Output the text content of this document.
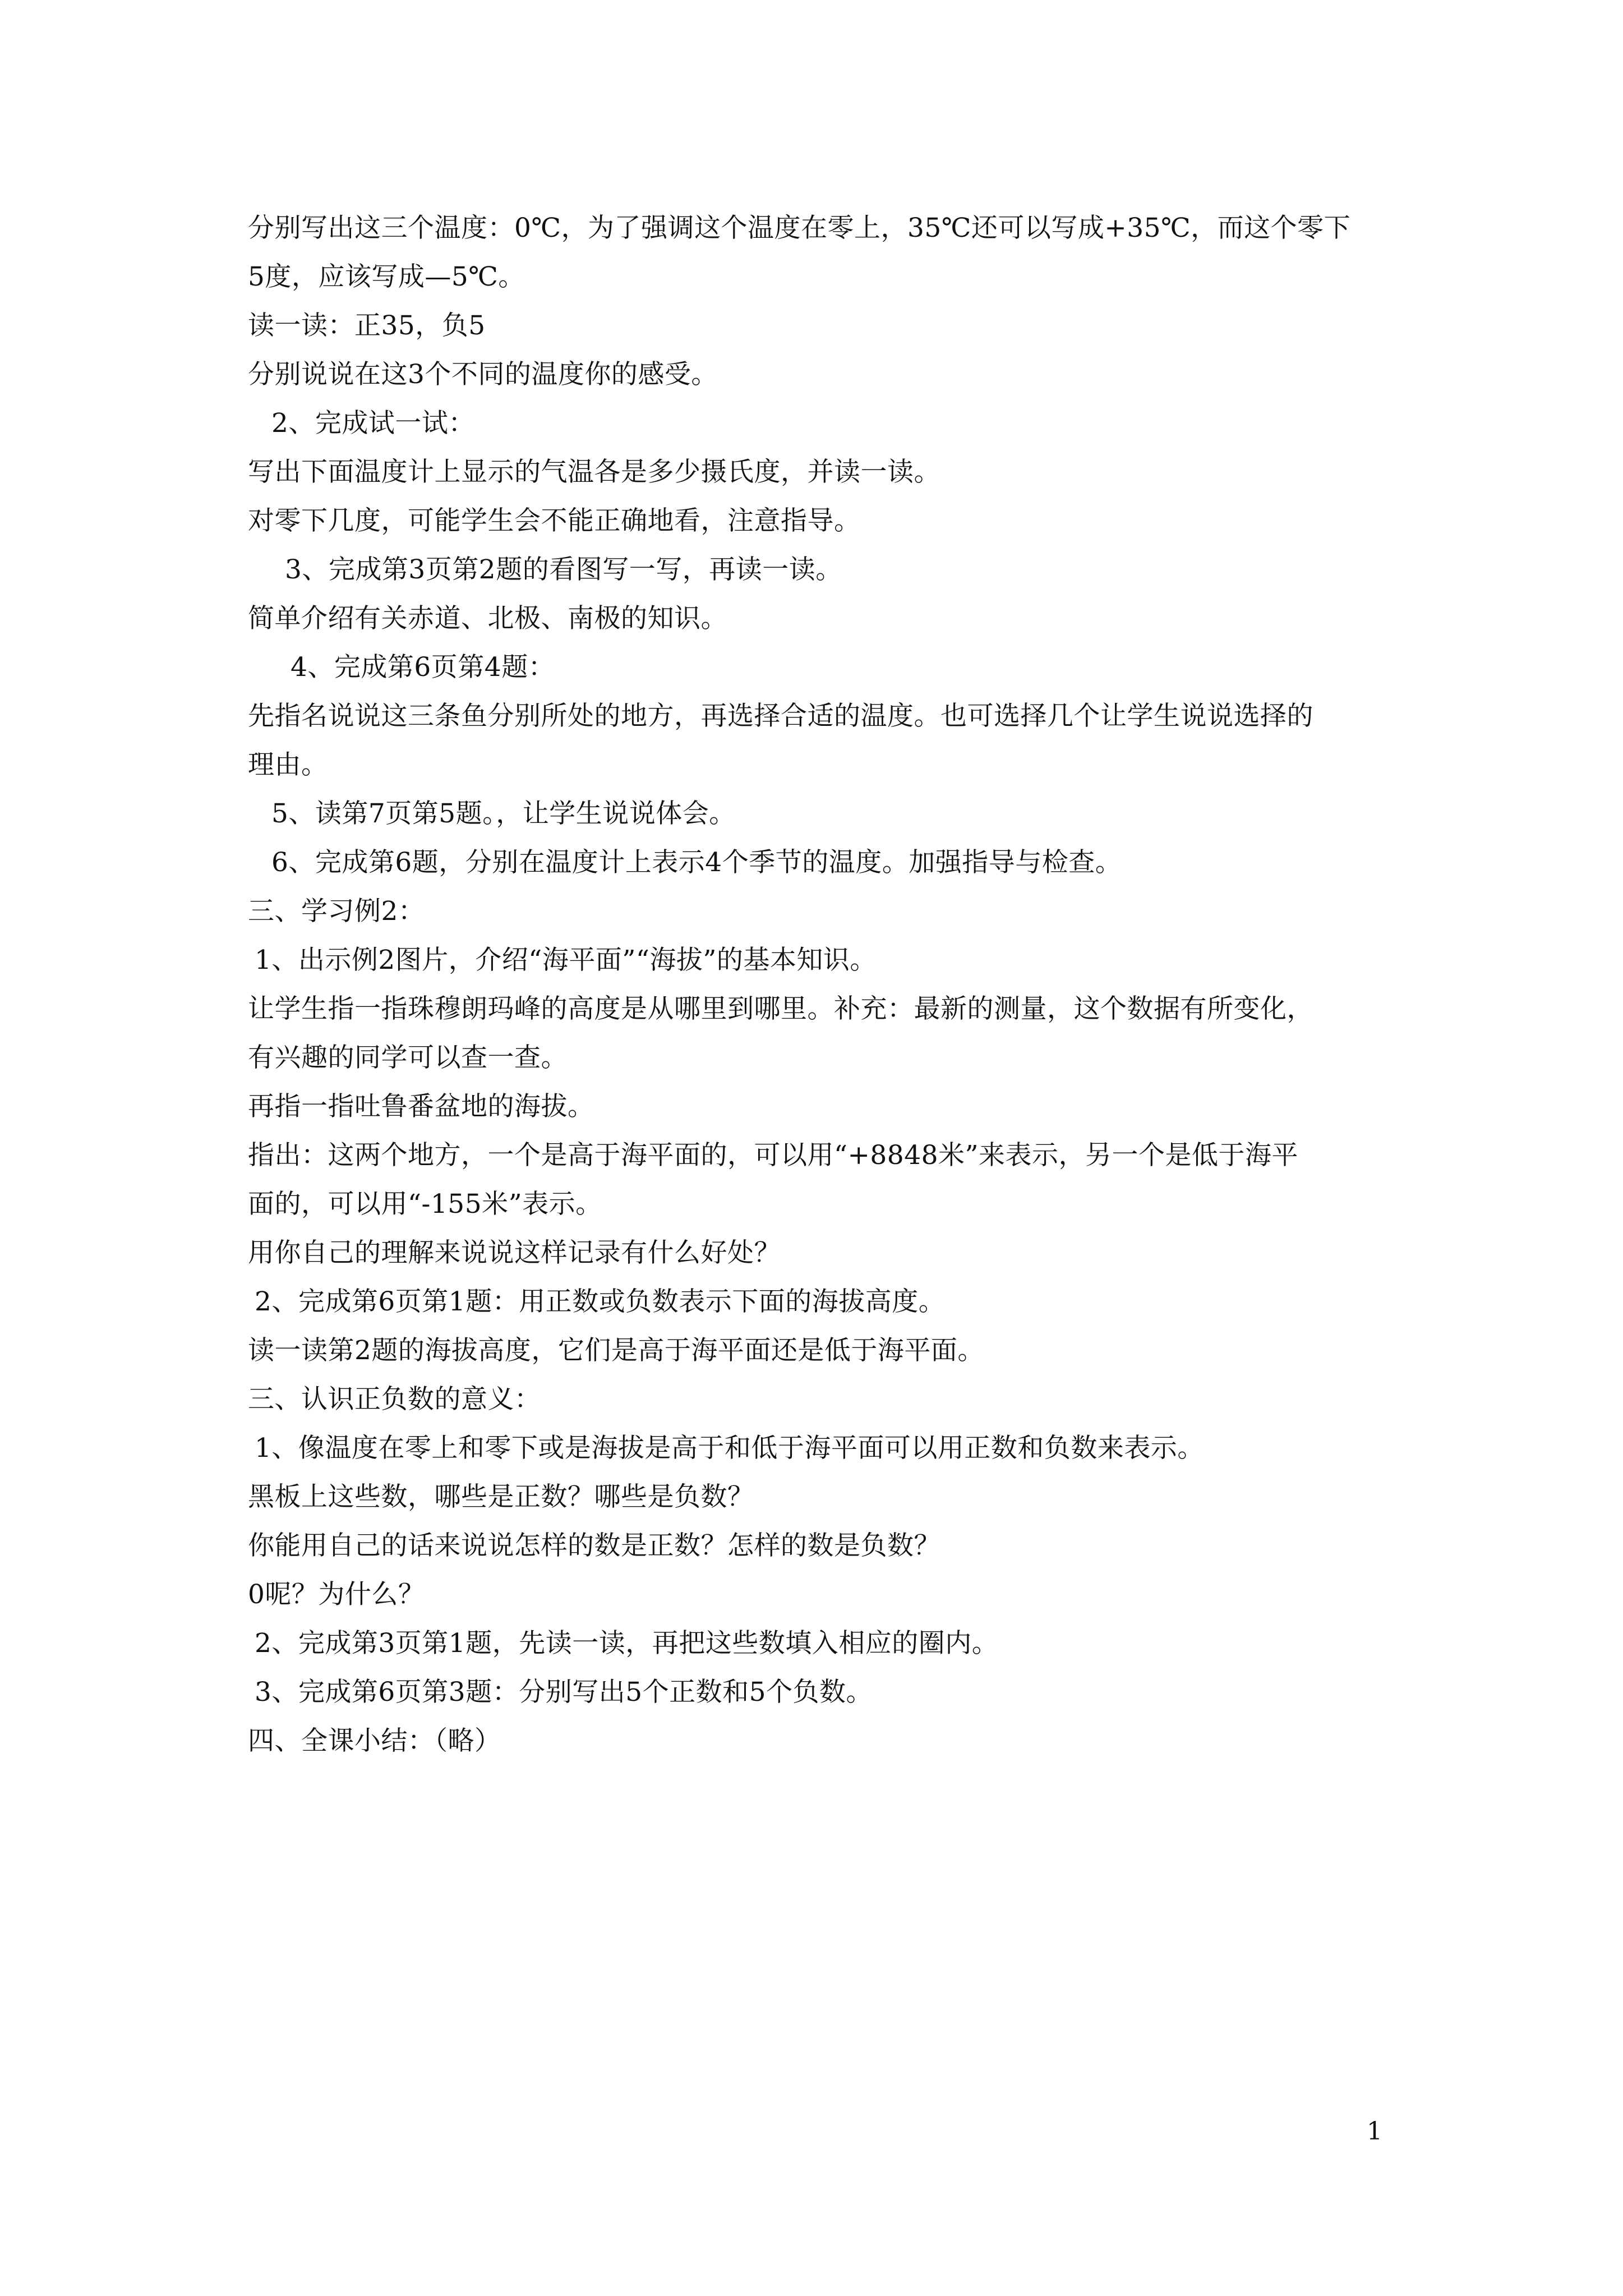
分别写出这三个温度：0℃，为了强调这个温度在零上，35℃还可以写成+35℃，而这个零下
5度，应该写成—5℃。
读一读：正35，负5
分别说说在这3个不同的温度你的感受。
2、完成试一试：
写出下面温度计上显示的气温各是多少摄氏度，并读一读。
对零下几度，可能学生会不能正确地看，注意指导。
3、完成第3页第2题的看图写一写，再读一读。
简单介绍有关赤道、北极、南极的知识。
4、完成第6页第4题：
先指名说说这三条鱼分别所处的地方，再选择合适的温度。也可选择几个让学生说说选择的
理由。
5、读第7页第5题。，让学生说说体会。
6、完成第6题，分别在温度计上表示4个季节的温度。加强指导与检查。
三、学习例2：
1、出示例2图片，介绍“海平面”“海拔”的基本知识。
让学生指一指珠穆朗玛峰的高度是从哪里到哪里。补充：最新的测量，这个数据有所变化，
有兴趣的同学可以查一查。
再指一指吐鲁番盆地的海拔。
指出：这两个地方，一个是高于海平面的，可以用“+8848米”来表示，另一个是低于海平
面的，可以用“-155米”表示。
用你自己的理解来说说这样记录有什么好处？
2、完成第6页第1题：用正数或负数表示下面的海拔高度。
读一读第2题的海拔高度，它们是高于海平面还是低于海平面。
三、认识正负数的意义：
1、像温度在零上和零下或是海拔是高于和低于海平面可以用正数和负数来表示。
黑板上这些数，哪些是正数？哪些是负数？
你能用自己的话来说说怎样的数是正数？怎样的数是负数？
0呢？为什么？
2、完成第3页第1题，先读一读，再把这些数填入相应的圈内。
3、完成第6页第3题：分别写出5个正数和5个负数。
四、全课小结：（略）
1
